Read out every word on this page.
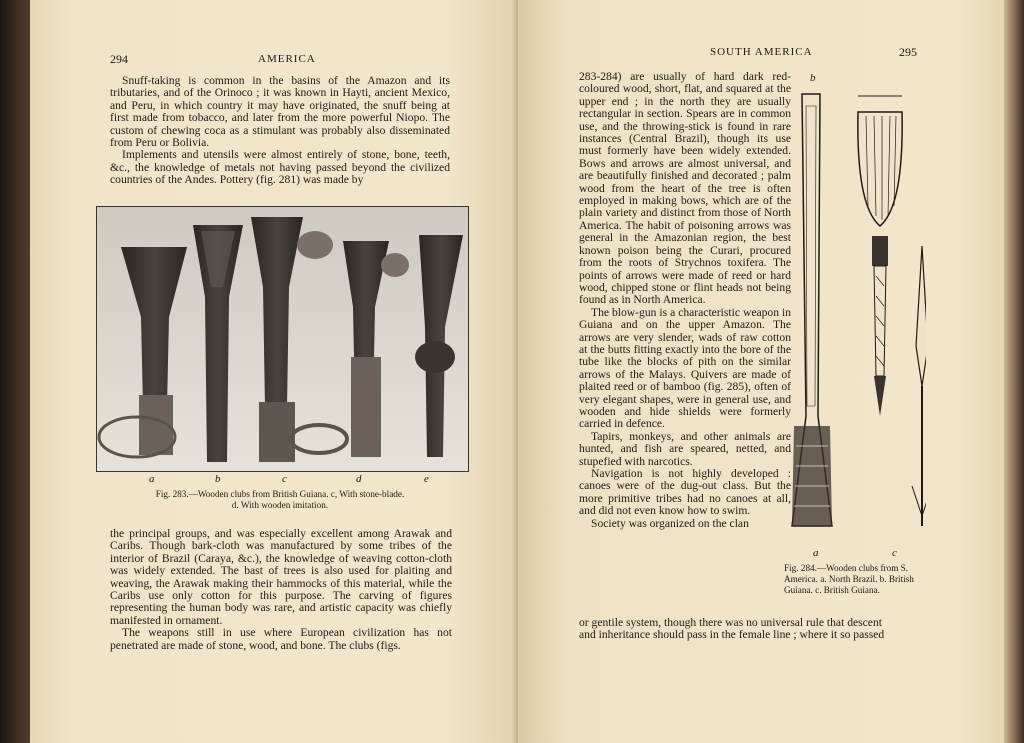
294	AMERICA

Snuff-taking is common in the basins of the Amazon and its tributaries, and of the Orinoco ; it was known in Hayti, ancient Mexico, and Peru, in which country it may have originated, the snuff being at first made from tobacco, and later from the more powerful Niopo. The custom of chewing coca as a stimulant was probably also disseminated from Peru or Bolivia.

Implements and utensils were almost entirely of stone, bone, teeth, &c., the knowledge of metals not having passed beyond the civilized countries of the Andes. Pottery (fig. 281) was made by

Fig. 283.—Wooden clubs from British Guiana. c, With stone-blade.
d. With wooden imitation.

the principal groups, and was especially excellent among Arawak and Caribs. Though bark-cloth was manufactured by some tribes of the interior of Brazil (Caraya, &c.), the knowledge of weaving cotton-cloth was widely extended. The bast of trees is also used for plaiting and weaving, the Arawak making their hammocks of this material, while the Caribs use only cotton for this purpose. The carving of figures representing the human body was rare, and artistic capacity was chiefly manifested in ornament.

The weapons still in use where European civilization has not penetrated are made of stone, wood, and bone. The clubs (figs.

a	b	c	d	e
SOUTH AMERICA	295

283-284) are usually of hard dark red-coloured wood, short, flat, and squared at the upper end ; in the north they are usually rectangular in section. Spears are in common use, and the throwing-stick is found in rare instances (Central Brazil), though its use must formerly have been widely extended. Bows and arrows are almost universal, and are beautifully finished and decorated ; palm wood from the heart of the tree is often employed in making bows, which are of the plain variety and distinct from those of North America. The habit of poisoning arrows was general in the Amazonian region, the best known poison being the Curari, procured from the roots of Strychnos toxifera. The points of arrows were made of reed or hard wood, chipped stone or flint heads not being found as in North America.

The blow-gun is a characteristic weapon in Guiana and on the upper Amazon. The arrows are very slender, wads of raw cotton at the butts fitting exactly into the bore of the tube like the blocks of pith on the similar arrows of the Malays. Quivers are made of plaited reed or of bamboo (fig. 285), often of very elegant shapes, were in general use, and wooden and hide shields were formerly carried in defence.

Tapirs, monkeys, and other animals are hunted, and fish are speared, netted, and stupefied with narcotics.

Navigation is not highly developed : canoes were of the dug-out class. But the more primitive tribes had no canoes at all, and did not even know how to swim.

Society was organized on the clan

or gentile system, though there was no universal rule that descent
and inheritance should pass in the female line ; where it so passed
b
a	c
Fig. 284.—Wooden clubs from S. America. a. North Brazil. b. British Guiana. c. British Guiana.
